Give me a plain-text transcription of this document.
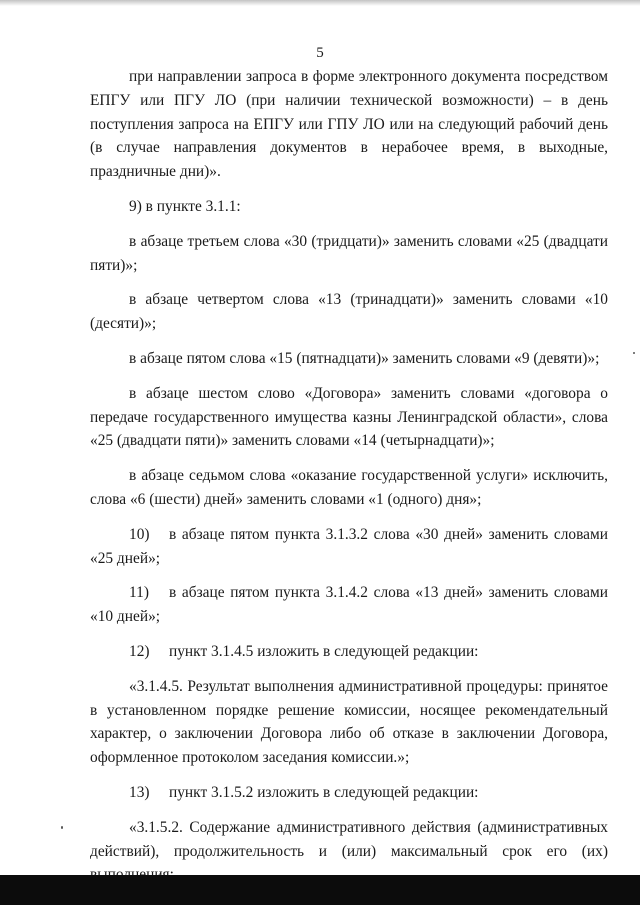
5

при направлении запроса в форме электронного документа посредством ЕПГУ или ПГУ ЛО (при наличии технической возможности) – в день поступления запроса на ЕПГУ или ГПУ ЛО или на следующий рабочий день (в случае направления документов в нерабочее время, в выходные, праздничные дни)».

9) в пункте 3.1.1:

в абзаце третьем слова «30 (тридцати)» заменить словами «25 (двадцати пяти)»;

в абзаце четвертом слова «13 (тринадцати)» заменить словами «10 (десяти)»;

в абзаце пятом слова «15 (пятнадцати)» заменить словами «9 (девяти)»;

в абзаце шестом слово «Договора» заменить словами «договора о передаче государственного имущества казны Ленинградской области», слова «25 (двадцати пяти)» заменить словами «14 (четырнадцати)»;

в абзаце седьмом слова «оказание государственной услуги» исключить, слова «6 (шести) дней» заменить словами «1 (одного) дня»;

10) в абзаце пятом пункта 3.1.3.2 слова «30 дней» заменить словами «25 дней»;

11) в абзаце пятом пункта 3.1.4.2 слова «13 дней» заменить словами «10 дней»;

12) пункт 3.1.4.5 изложить в следующей редакции:

«3.1.4.5. Результат выполнения административной процедуры: принятое в установленном порядке решение комиссии, носящее рекомендательный характер, о заключении Договора либо об отказе в заключении Договора, оформленное протоколом заседания комиссии.»;

13) пункт 3.1.5.2 изложить в следующей редакции:

«3.1.5.2. Содержание административного действия (административных действий), продолжительность и (или) максимальный срок его (их)
